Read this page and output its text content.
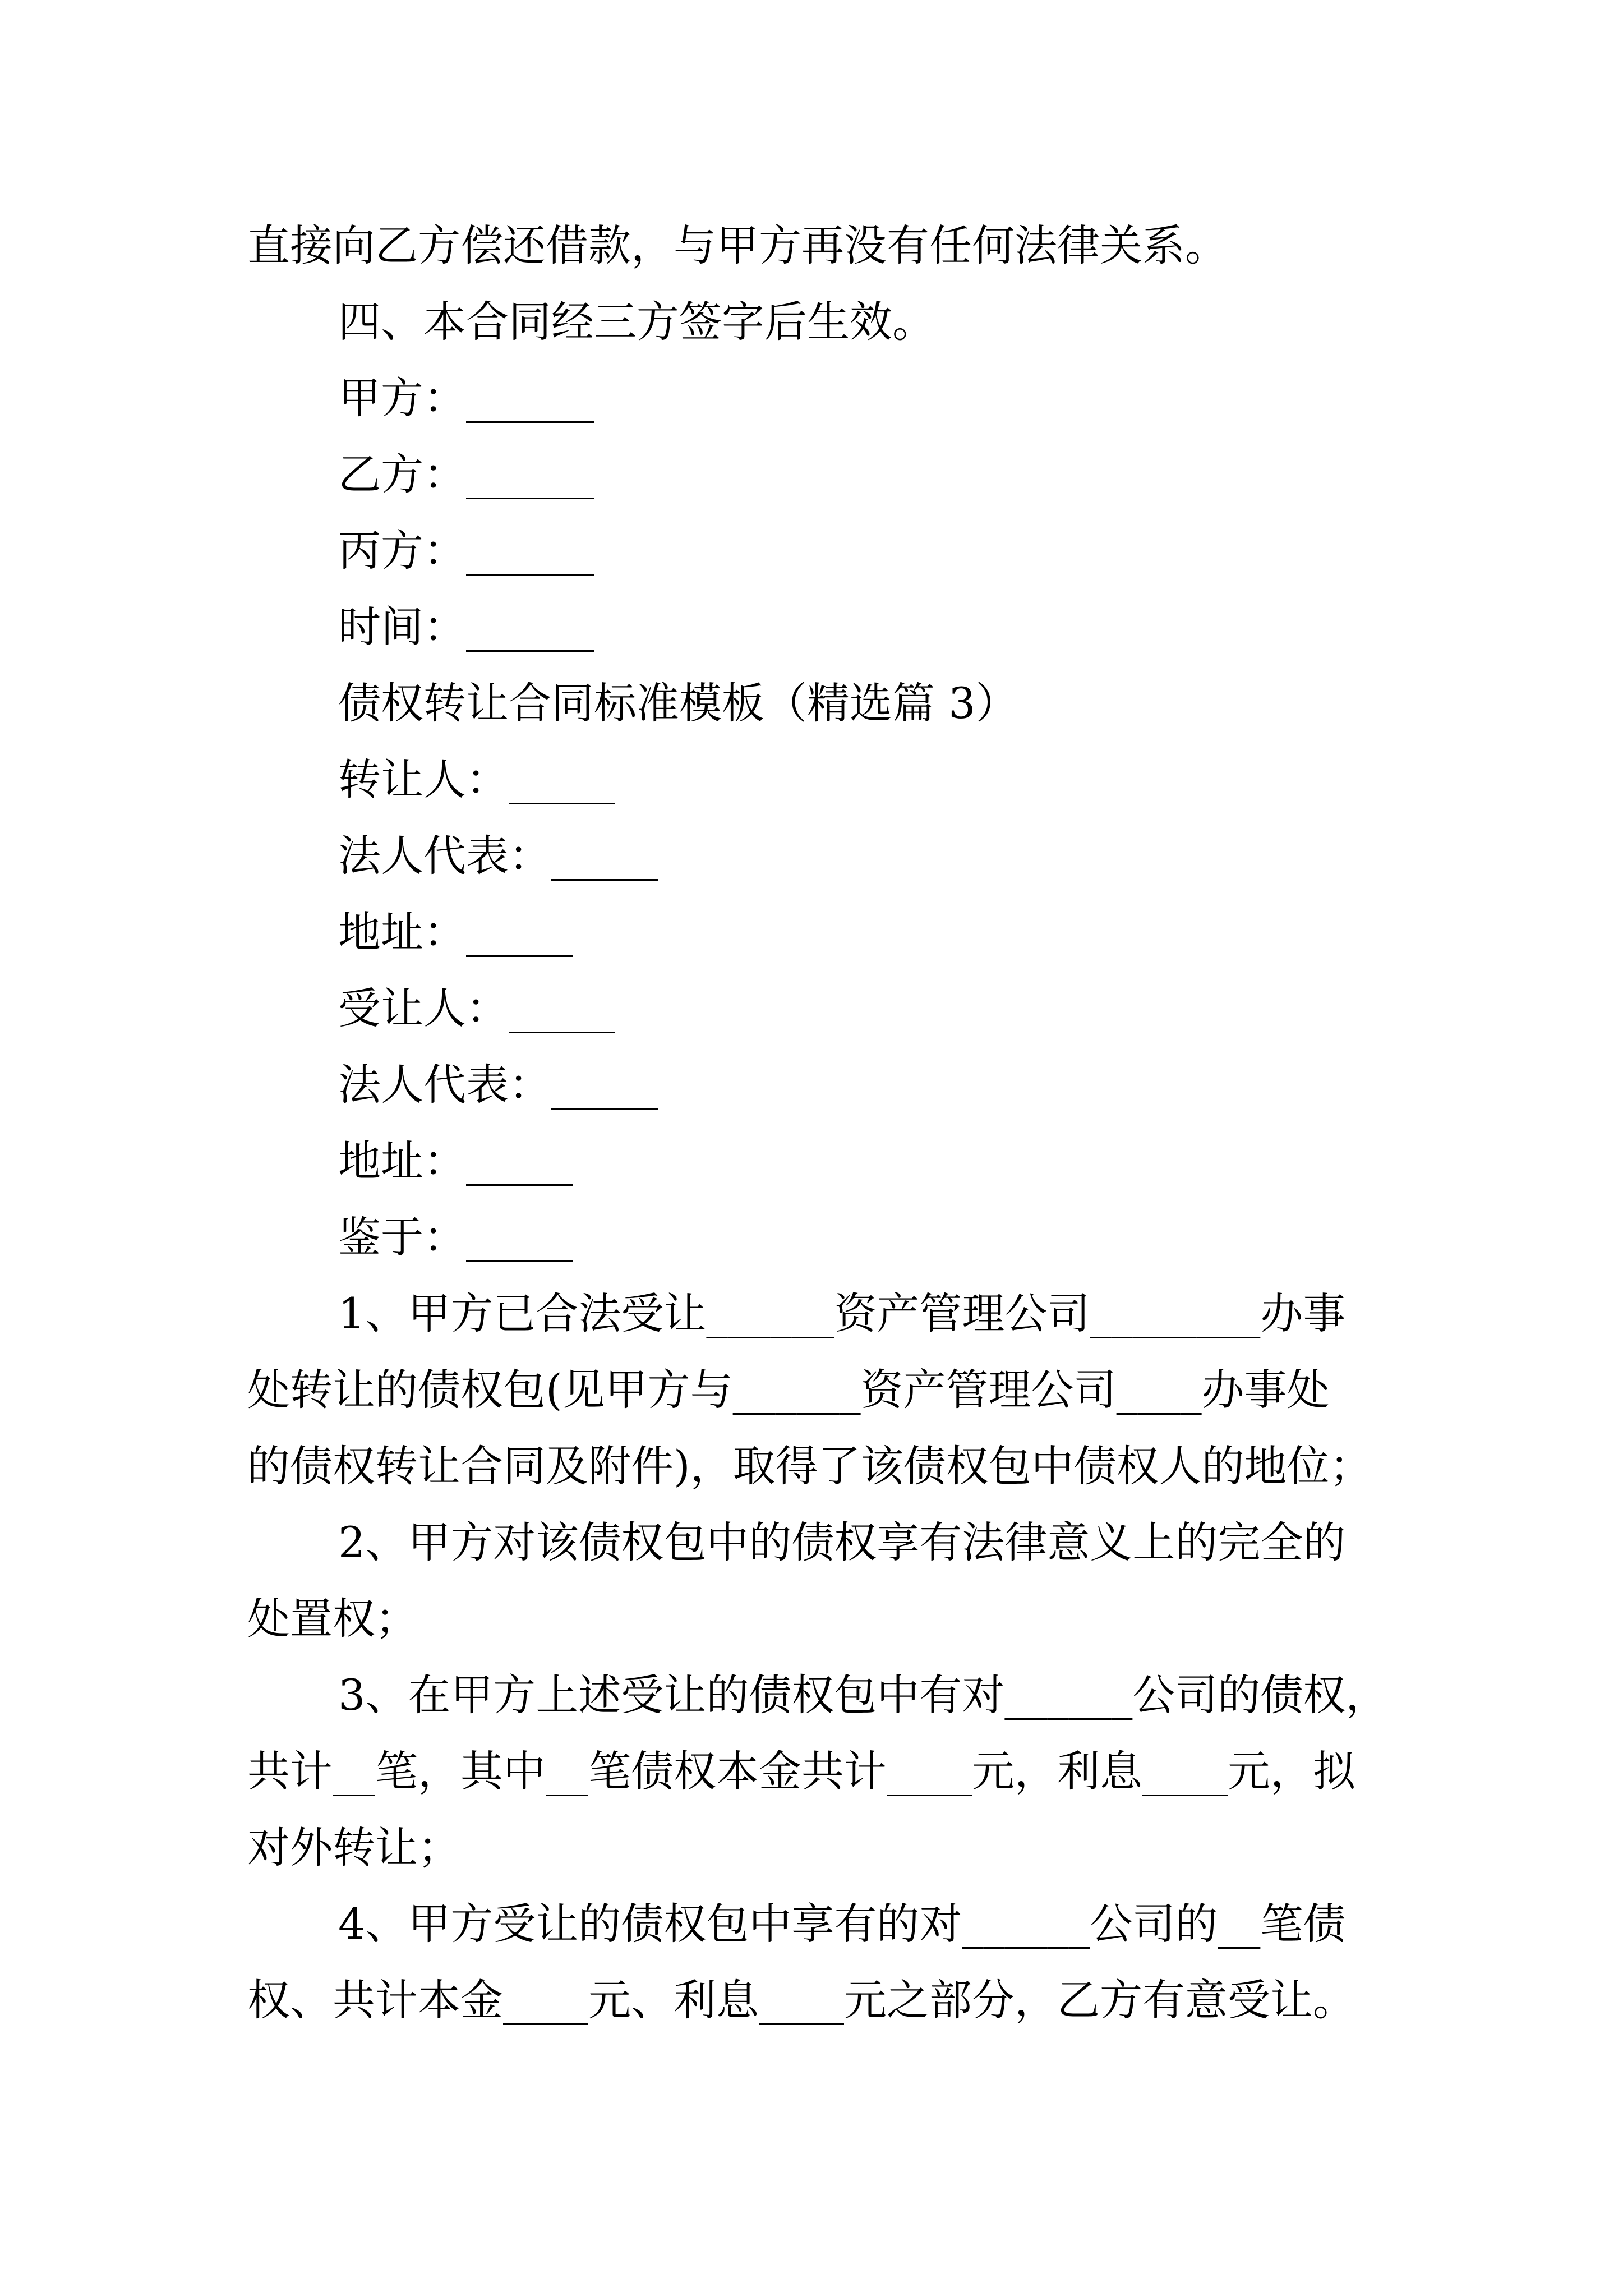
直接向乙方偿还借款，与甲方再没有任何法律关系。
四、本合同经三方签字后生效。
甲方：______
乙方：______
丙方：______
时间：______
债权转让合同标准模板（精选篇 3）
转让人：_____
法人代表：_____
地址：_____
受让人：_____
法人代表：_____
地址：_____
鉴于：_____
1、甲方已合法受让______资产管理公司________办事
处转让的债权包(见甲方与______资产管理公司____办事处
的债权转让合同及附件)，取得了该债权包中债权人的地位；
2、甲方对该债权包中的债权享有法律意义上的完全的
处置权；
3、在甲方上述受让的债权包中有对______公司的债权，
共计__笔，其中__笔债权本金共计____元，利息____元，拟
对外转让；
4、甲方受让的债权包中享有的对______公司的__笔债
权、共计本金____元、利息____元之部分，乙方有意受让。
